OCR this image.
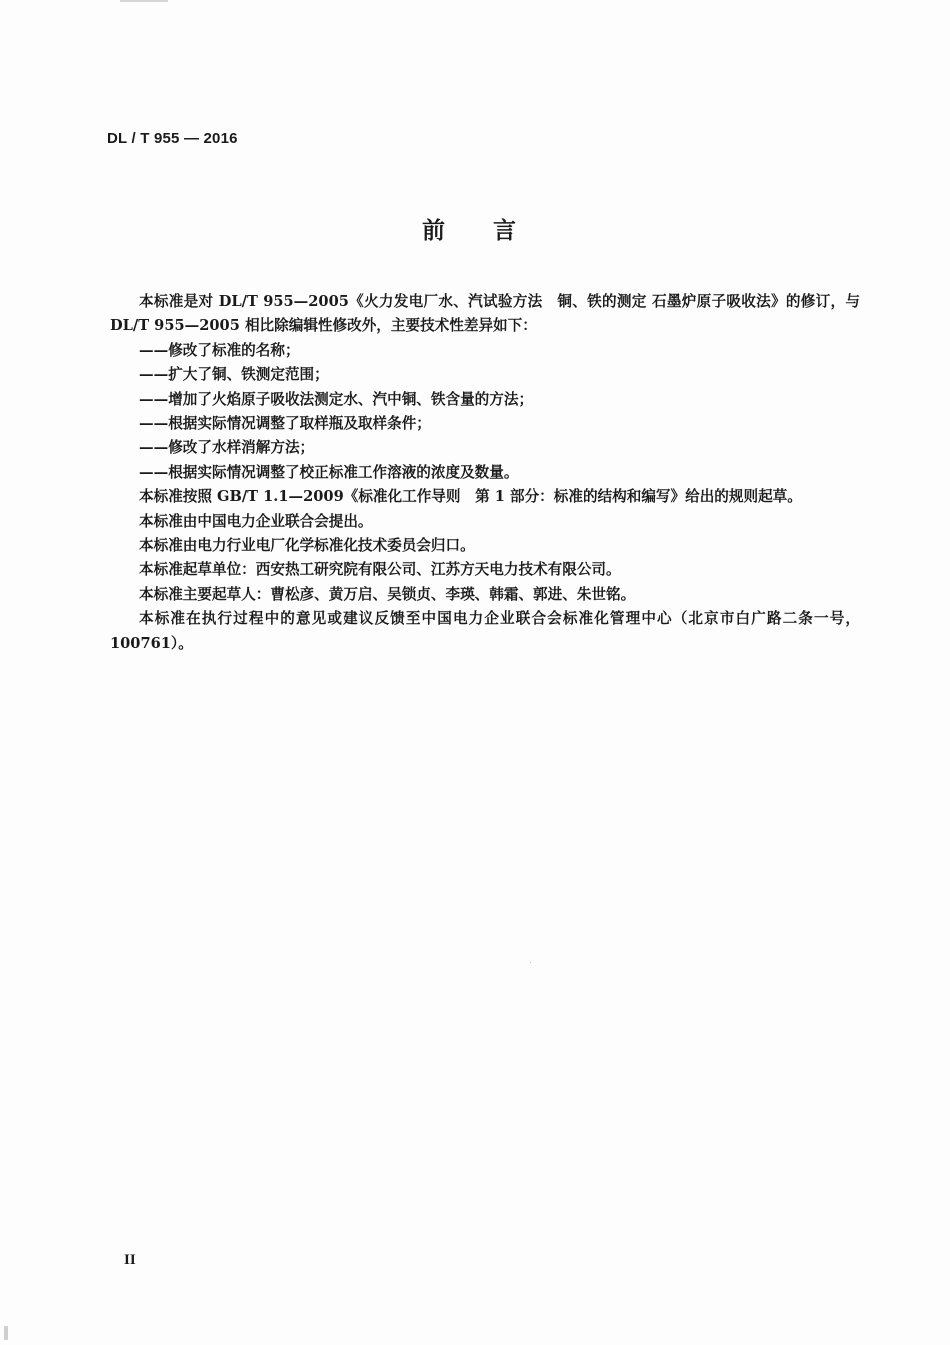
DL / T 955 — 2016
前言

本标准是对 DL/T 955—2005《火力发电厂水、汽试验方法　铜、铁的测定 石墨炉原子吸收法》的修订，与 DL/T 955—2005 相比除编辑性修改外，主要技术性差异如下：

——修改了标准的名称；

——扩大了铜、铁测定范围；

——增加了火焰原子吸收法测定水、汽中铜、铁含量的方法；

——根据实际情况调整了取样瓶及取样条件；

——修改了水样消解方法；

——根据实际情况调整了校正标准工作溶液的浓度及数量。

本标准按照 GB/T 1.1—2009《标准化工作导则　第 1 部分：标准的结构和编写》给出的规则起草。

本标准由中国电力企业联合会提出。

本标准由电力行业电厂化学标准化技术委员会归口。

本标准起草单位：西安热工研究院有限公司、江苏方天电力技术有限公司。

本标准主要起草人：曹松彦、黄万启、吴锁贞、李瑛、韩霜、郭进、朱世铭。

本标准在执行过程中的意见或建议反馈至中国电力企业联合会标准化管理中心（北京市白广路二条一号，100761）。

II
